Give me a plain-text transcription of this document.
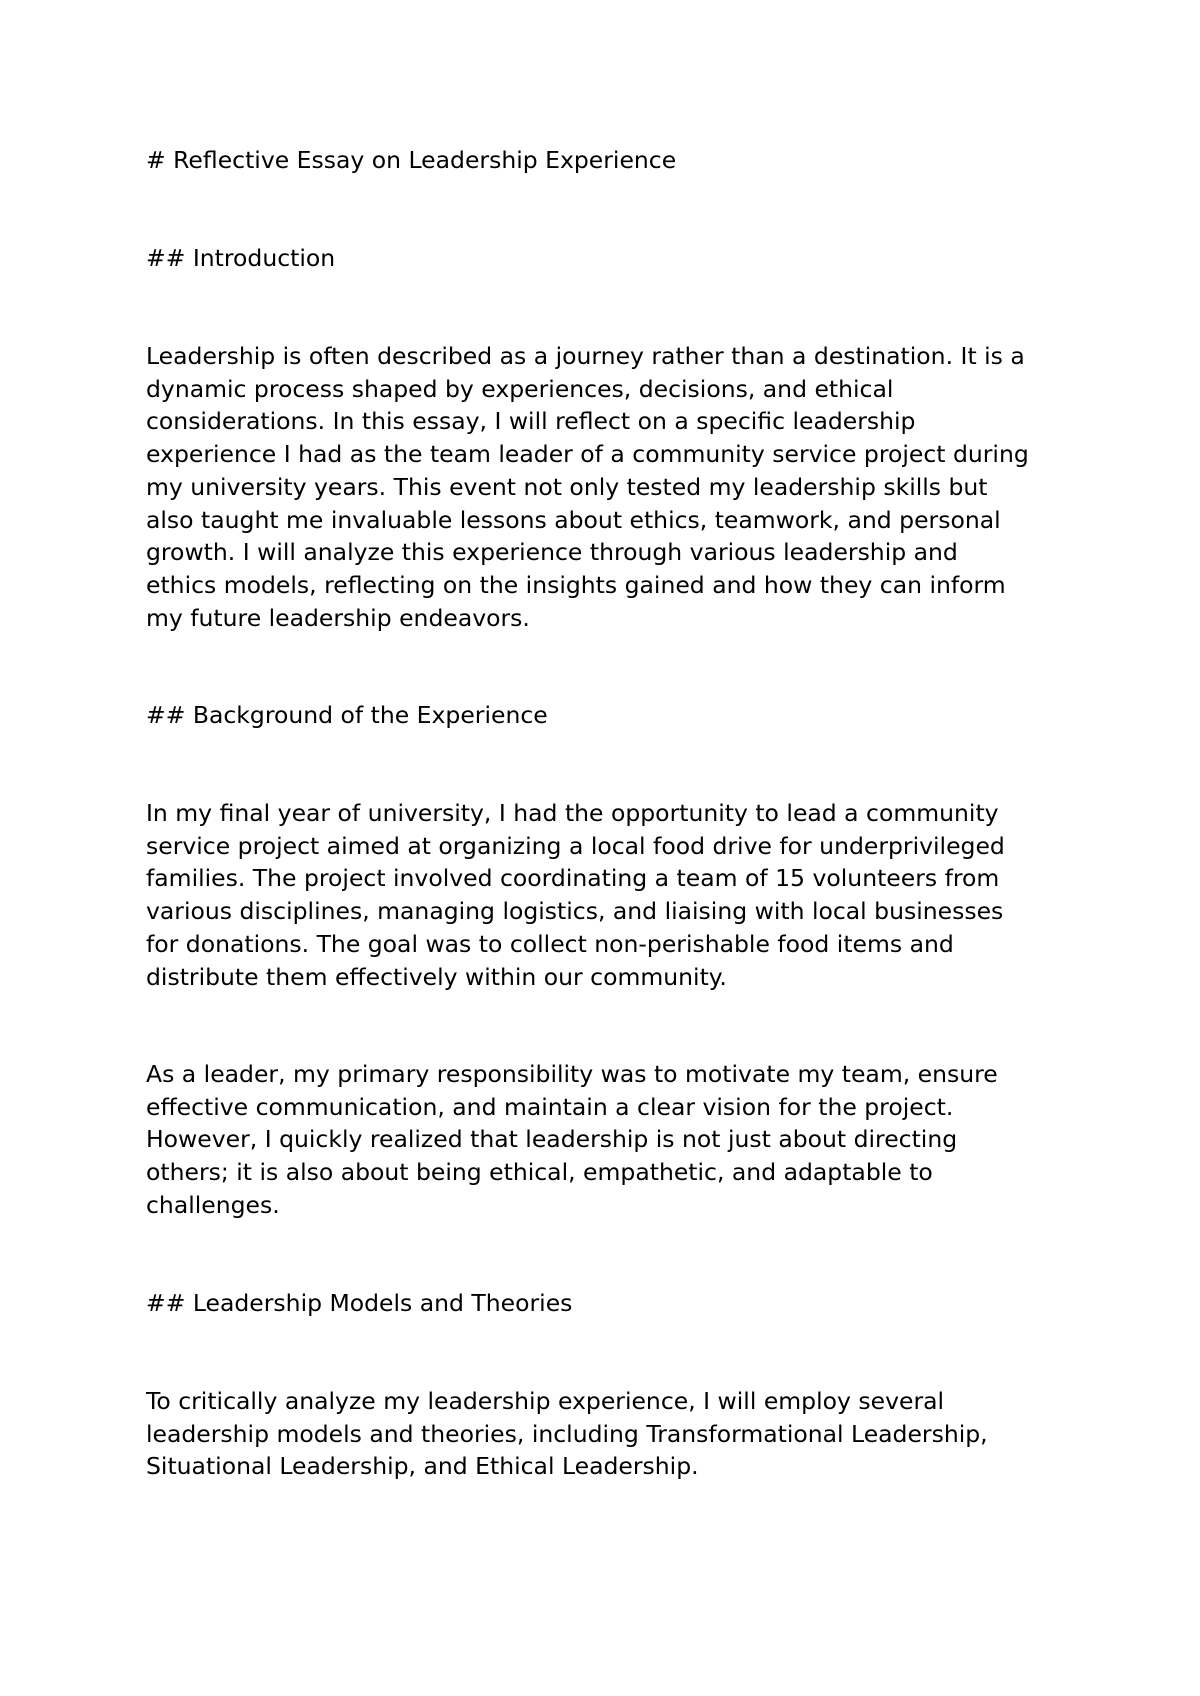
# Reflective Essay on Leadership Experience
## Introduction

Leadership is often described as a journey rather than a destination. It is a
dynamic process shaped by experiences, decisions, and ethical
considerations. In this essay, I will reflect on a specific leadership
experience I had as the team leader of a community service project during
my university years. This event not only tested my leadership skills but
also taught me invaluable lessons about ethics, teamwork, and personal
growth. I will analyze this experience through various leadership and
ethics models, reflecting on the insights gained and how they can inform
my future leadership endeavors.

## Background of the Experience

In my final year of university, I had the opportunity to lead a community
service project aimed at organizing a local food drive for underprivileged
families. The project involved coordinating a team of 15 volunteers from
various disciplines, managing logistics, and liaising with local businesses
for donations. The goal was to collect non-perishable food items and
distribute them effectively within our community.

As a leader, my primary responsibility was to motivate my team, ensure
effective communication, and maintain a clear vision for the project.
However, I quickly realized that leadership is not just about directing
others; it is also about being ethical, empathetic, and adaptable to
challenges.

## Leadership Models and Theories

To critically analyze my leadership experience, I will employ several
leadership models and theories, including Transformational Leadership,
Situational Leadership, and Ethical Leadership.
